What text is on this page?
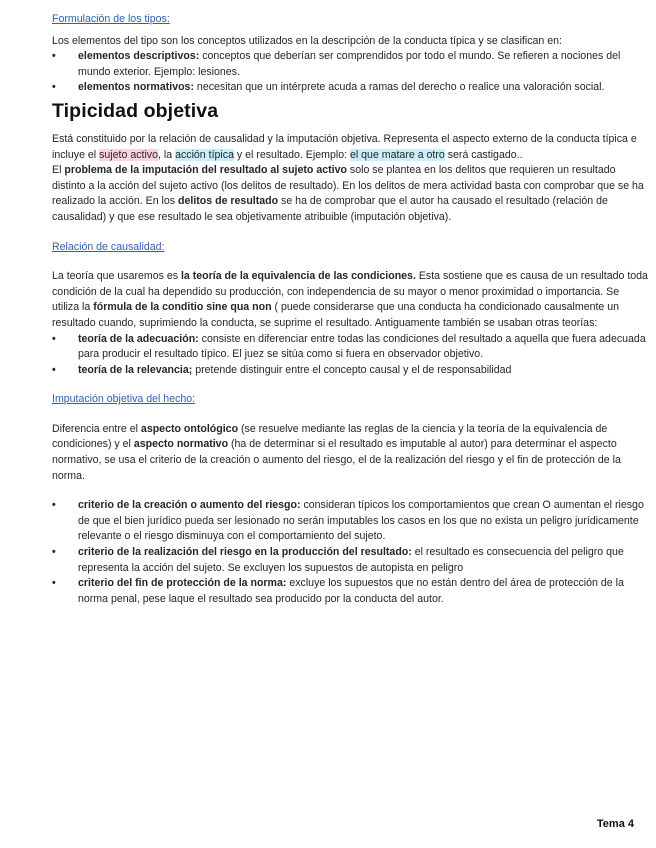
Formulación de los tipos:

Los elementos del tipo son los conceptos utilizados en la descripción de la conducta típica y se clasifican en:

• elementos descriptivos: conceptos que deberían ser comprendidos por todo el mundo. Se refieren a nociones del mundo exterior. Ejemplo: lesiones.
• elementos normativos: necesitan que un intérprete acuda a ramas del derecho o realice una valoración social.
Tipicidad objetiva

Está constituido por la relación de causalidad y la imputación objetiva. Representa el aspecto externo de la conducta típica e incluye el sujeto activo, la acción típica y el resultado. Ejemplo: el que matare a otro será castigado..

El problema de la imputación del resultado al sujeto activo solo se plantea en los delitos que requieren un resultado distinto a la acción del sujeto activo (los delitos de resultado). En los delitos de mera actividad basta con comprobar que se ha realizado la acción. En los delitos de resultado se ha de comprobar que el autor ha causado el resultado (relación de causalidad) y que ese resultado le sea objetivamente atribuible (imputación objetiva).

Relación de causalidad:

La teoría que usaremos es la teoría de la equivalencia de las condiciones. Esta sostiene que es causa de un resultado toda condición de la cual ha dependido su producción, con independencia de su mayor o menor proximidad o importancia. Se utiliza la fórmula de la conditio sine qua non ( puede considerarse que una conducta ha condicionado causalmente un resultado cuando, suprimiendo la conducta, se suprime el resultado. Antiguamente también se usaban otras teorías:

• teoría de la adecuación: consiste en diferenciar entre todas las condiciones del resultado a aquella que fuera adecuada para producir el resultado típico. El juez se sitúa como si fuera en observador objetivo.
• teoría de la relevancia; pretende distinguir entre el concepto causal y el de responsabilidad
Imputación objetiva del hecho:

Diferencia entre el aspecto ontológico (se resuelve mediante las reglas de la ciencia y la teoría de la equivalencia de condiciones) y el aspecto normativo (ha de determinar si el resultado es imputable al autor) para determinar el aspecto normativo, se usa el criterio de la creación o aumento del riesgo, el de la realización del riesgo y el fin de protección de la norma.

• criterio de la creación o aumento del riesgo: consideran típicos los comportamientos que crean O aumentan el riesgo de que el bien jurídico pueda ser lesionado no serán imputables los casos en los que no exista un peligro jurídicamente relevante o el riesgo disminuya con el comportamiento del sujeto.
• criterio de la realización del riesgo en la producción del resultado: el resultado es consecuencia del peligro que representa la acción del sujeto. Se excluyen los supuestos de autopista en peligro
• criterio del fin de protección de la norma: excluye los supuestos que no están dentro del área de protección de la norma penal, pese laque el resultado sea producido por la conducta del autor.
Tema 4
